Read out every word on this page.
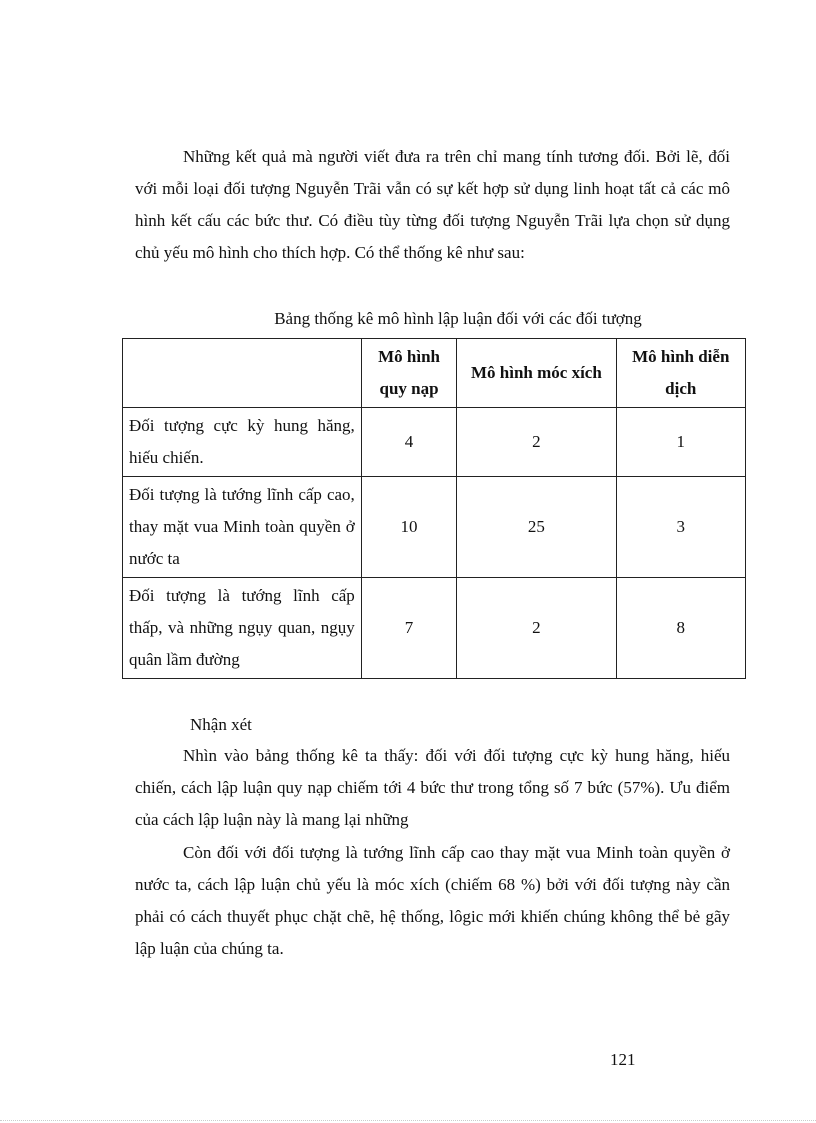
Những kết quả mà người viết đưa ra trên chỉ mang tính tương đối. Bởi lẽ, đối với mỗi loại đối tượng Nguyễn Trãi vẫn có sự kết hợp sử dụng linh hoạt tất cả các mô hình kết cấu các bức thư. Có điều tùy từng đối tượng Nguyễn Trãi lựa chọn sử dụng chủ yếu mô hình cho thích hợp. Có thể thống kê như sau:

Bảng thống kê mô hình lập luận đối với các đối tượng

	Mô hình quy nạp	Mô hình móc xích	Mô hình diễn dịch
Đối tượng cực kỳ hung hăng, hiếu chiến.	4	2	1
Đối tượng là tướng lĩnh cấp cao, thay mặt vua Minh toàn quyền ở nước ta	10	25	3
Đối tượng là tướng lĩnh cấp thấp, và những ngụy quan, ngụy quân lầm đường	7	2	8

Nhận xét

Nhìn vào bảng thống kê ta thấy: đối với đối tượng cực kỳ hung hăng, hiếu chiến, cách lập luận quy nạp chiếm tới 4 bức thư trong tổng số 7 bức (57%). Ưu điểm của cách lập luận này là mang lại những

Còn đối với đối tượng là tướng lĩnh cấp cao thay mặt vua Minh toàn quyền ở nước ta, cách lập luận chủ yếu là móc xích (chiếm 68 %) bởi với đối tượng này cần phải có cách thuyết phục chặt chẽ, hệ thống, lôgic mới khiến chúng không thể bẻ gãy lập luận của chúng ta.

121
